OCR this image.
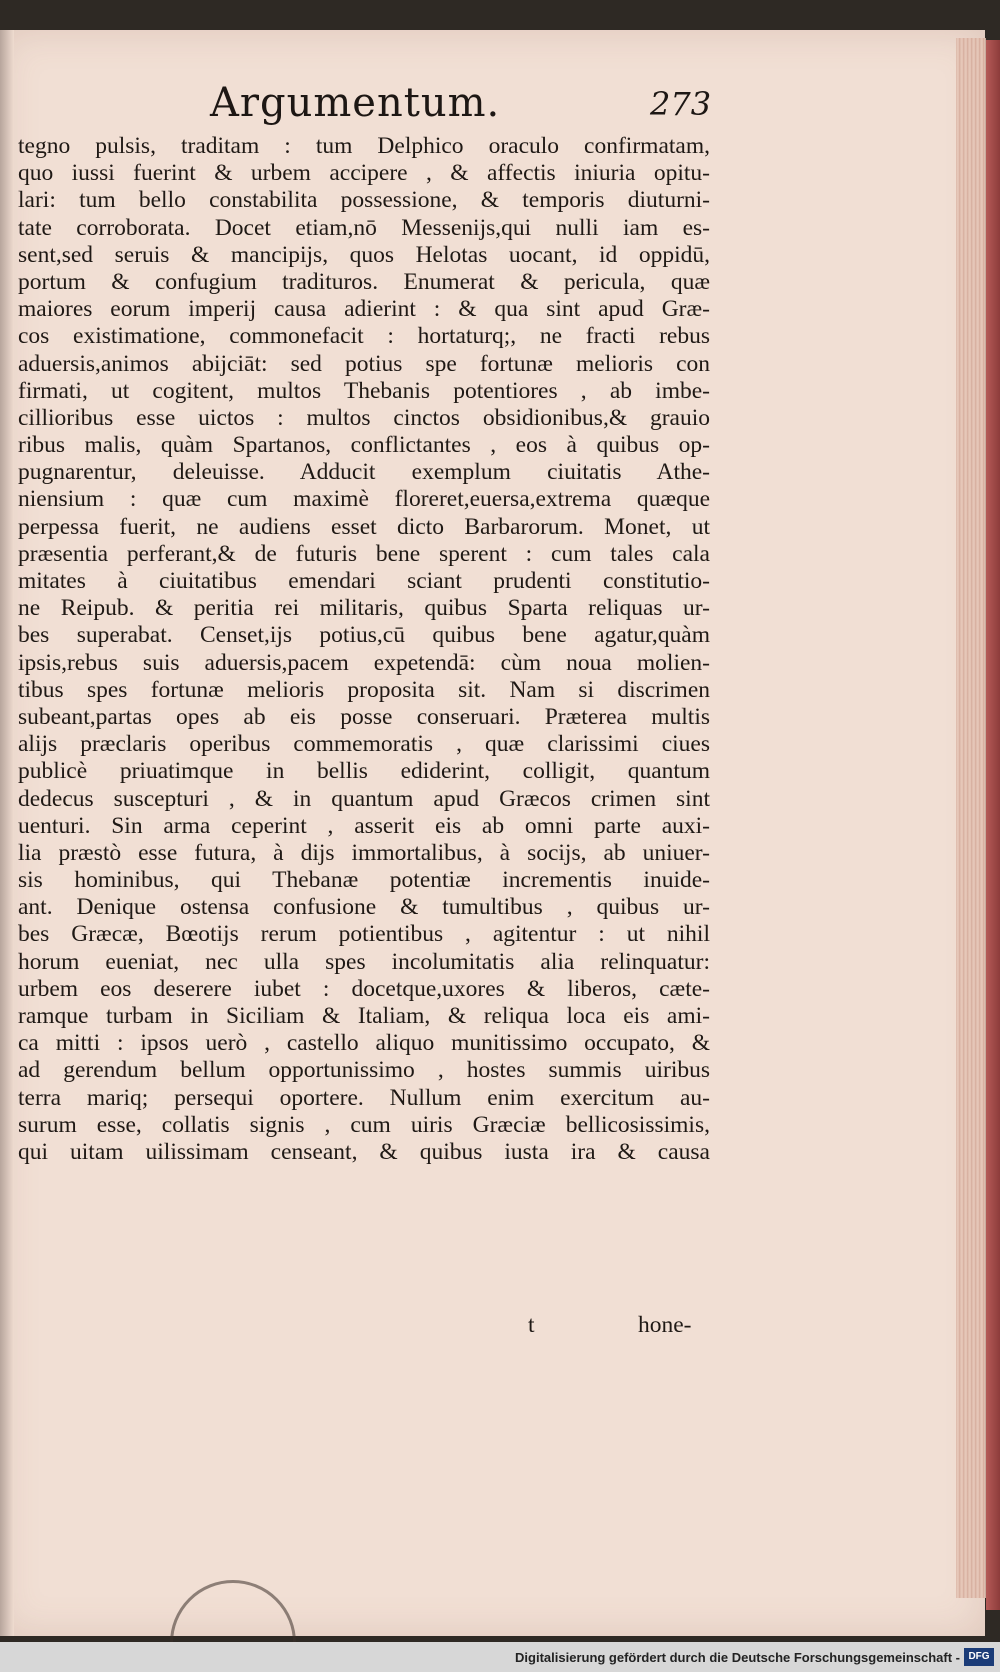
Argumentum.	273
tegno pulsis, traditam : tum Delphico oraculo confirmatam,
quo iussi fuerint & urbem accipere , & affectis iniuria opitu-
lari: tum bello constabilita possessione, & temporis diuturni-
tate corroborata. Docet etiam,nō Messenijs,qui nulli iam es-
sent,sed seruis & mancipijs, quos Helotas uocant, id oppidū,
portum & confugium tradituros. Enumerat & pericula, quæ
maiores eorum imperij causa adierint : & qua sint apud Græ-
cos existimatione, commonefacit : hortaturq;, ne fracti rebus
aduersis,animos abijciāt: sed potius spe fortunæ melioris con
firmati, ut cogitent, multos Thebanis potentiores , ab imbe-
cillioribus esse uictos : multos cinctos obsidionibus,& grauio
ribus malis, quàm Spartanos, conflictantes , eos à quibus op-
pugnarentur, deleuisse. Adducit exemplum ciuitatis Athe-
niensium : quæ cum maximè floreret,euersa,extrema quæque
perpessa fuerit, ne audiens esset dicto Barbarorum. Monet, ut
præsentia perferant,& de futuris bene sperent : cum tales cala
mitates à ciuitatibus emendari sciant prudenti constitutio-
ne Reipub. & peritia rei militaris, quibus Sparta reliquas ur-
bes superabat. Censet,ijs potius,cū quibus bene agatur,quàm
ipsis,rebus suis aduersis,pacem expetendā: cùm noua molien-
tibus spes fortunæ melioris proposita sit. Nam si discrimen
subeant,partas opes ab eis posse conseruari. Præterea multis
alijs præclaris operibus commemoratis , quæ clarissimi ciues
publicè priuatimque in bellis ediderint, colligit, quantum
dedecus suscepturi , & in quantum apud Græcos crimen sint
uenturi. Sin arma ceperint , asserit eis ab omni parte auxi-
lia præstò esse futura, à dijs immortalibus, à socijs, ab uniuer-
sis hominibus, qui Thebanæ potentiæ incrementis inuide-
ant. Denique ostensa confusione & tumultibus , quibus ur-
bes Græcæ, Bœotijs rerum potientibus , agitentur : ut nihil
horum eueniat, nec ulla spes incolumitatis alia relinquatur:
urbem eos deserere iubet : docetque,uxores & liberos, cæte-
ramque turbam in Siciliam & Italiam, & reliqua loca eis ami-
ca mitti : ipsos uerò , castello aliquo munitissimo occupato, &
ad gerendum bellum opportunissimo , hostes summis uiribus
terra mariq; persequi oportere. Nullum enim exercitum au-
surum esse, collatis signis , cum uiris Græciæ bellicosissimis,
qui uitam uilissimam censeant, & quibus iusta ira & causa
t	hone-
Digitalisierung gefördert durch die Deutsche Forschungsgemeinschaft - DFG
